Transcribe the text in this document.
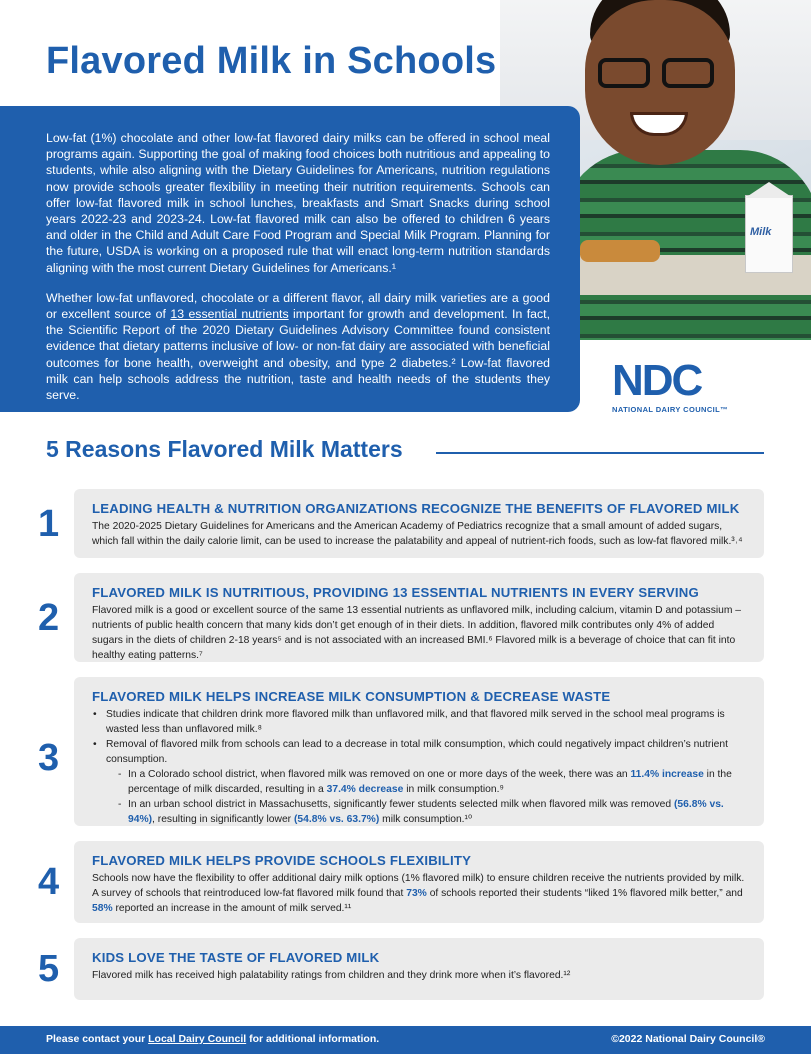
Milk
Flavored Milk in Schools

Low-fat (1%) chocolate and other low-fat flavored dairy milks can be offered in school meal programs again. Supporting the goal of making food choices both nutritious and appealing to students, while also aligning with the Dietary Guidelines for Americans, nutrition regulations now provide schools greater flexibility in meeting their nutrition requirements. Schools can offer low-fat flavored milk in school lunches, breakfasts and Smart Snacks during school years 2022-23 and 2023-24. Low-fat flavored milk can also be offered to children 6 years and older in the Child and Adult Care Food Program and Special Milk Program. Planning for the future, USDA is working on a proposed rule that will enact long-term nutrition standards aligning with the most current Dietary Guidelines for Americans.¹

Whether low-fat unflavored, chocolate or a different flavor, all dairy milk varieties are a good or excellent source of 13 essential nutrients important for growth and development. In fact, the Scientific Report of the 2020 Dietary Guidelines Advisory Committee found consistent evidence that dietary patterns inclusive of low- or non-fat dairy are associated with beneficial outcomes for bone health, overweight and obesity, and type 2 diabetes.² Low-fat flavored milk can help schools address the nutrition, taste and health needs of the students they serve.	NDC
NATIONAL DAIRY COUNCIL™
5 Reasons Flavored Milk Matters
1 LEADING HEALTH & NUTRITION ORGANIZATIONS RECOGNIZE THE BENEFITS OF FLAVORED MILK
The 2020-2025 Dietary Guidelines for Americans and the American Academy of Pediatrics recognize that a small amount of added sugars, which fall within the daily calorie limit, can be used to increase the palatability and appeal of nutrient-rich foods, such as low-fat flavored milk.³˒⁴
2
FLAVORED MILK IS NUTRITIOUS, PROVIDING 13 ESSENTIAL NUTRIENTS IN EVERY SERVING
Flavored milk is a good or excellent source of the same 13 essential nutrients as unflavored milk, including calcium, vitamin D and potassium – nutrients of public health concern that many kids don’t get enough of in their diets. In addition, flavored milk contributes only 4% of added sugars in the diets of children 2-18 years⁵ and is not associated with an increased BMI.⁶ Flavored milk is a beverage of choice that can fit into healthy eating patterns.⁷
3
FLAVORED MILK HELPS INCREASE MILK CONSUMPTION & DECREASE WASTE
• Studies indicate that children drink more flavored milk than unflavored milk, and that flavored milk served in the school meal programs is wasted less than unflavored milk.⁸
• Removal of flavored milk from schools can lead to a decrease in total milk consumption, which could negatively impact children’s nutrient consumption.
- In a Colorado school district, when flavored milk was removed on one or more days of the week, there was an 11.4% increase in the percentage of milk discarded, resulting in a 37.4% decrease in milk consumption.⁹
- In an urban school district in Massachusetts, significantly fewer students selected milk when flavored milk was removed (56.8% vs. 94%), resulting in significantly lower (54.8% vs. 63.7%) milk consumption.¹⁰
4
FLAVORED MILK HELPS PROVIDE SCHOOLS FLEXIBILITY
Schools now have the flexibility to offer additional dairy milk options (1% flavored milk) to ensure children receive the nutrients provided by milk. A survey of schools that reintroduced low-fat flavored milk found that 73% of schools reported their students “liked 1% flavored milk better,” and 58% reported an increase in the amount of milk served.¹¹
5 KIDS LOVE THE TASTE OF FLAVORED MILK
Flavored milk has received high palatability ratings from children and they drink more when it’s flavored.¹²
Please contact your Local Dairy Council for additional information.	©2022 National Dairy Council®
